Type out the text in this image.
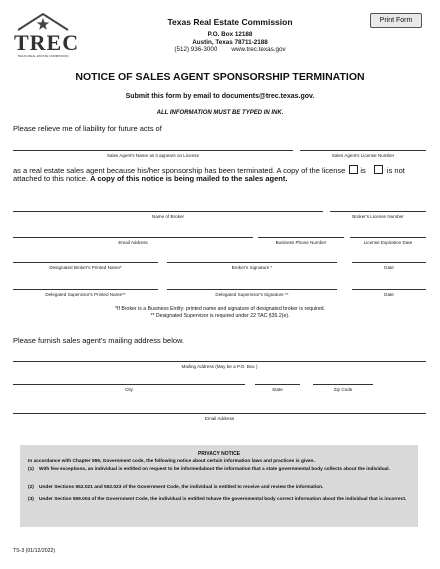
Print Form
TREC
TEXAS REAL ESTATE COMMISSION
Texas Real Estate Commission
P.O. Box 12188
Austin, Texas 78711-2188
(512) 936-3000        www.trec.texas.gov
NOTICE OF SALES AGENT SPONSORSHIP TERMINATION
Submit this form by email to documents@trec.texas.gov.
ALL INFORMATION MUST BE TYPED IN INK.
Please relieve me of liability for future acts of
Sales Agent's Name as it appears on License	Sales Agent's License Number
as a real estate sales agent because his/her sponsorship has been terminated. A copy of the license is	is not
attached to this notice. A copy of this notice is being mailed to the sales agent.
Name of Broker	Broker's License Number
Email Address	Business Phone Number	License Expiration Date
Designated Broker's Printed Name*	Broker's Signature *	Date
Delegated Supervisor's Printed Name**	Delegated Supervisor's Signature **	Date
*If Broker is a Business Entity: printed name and signature of designated broker is required.
** Designated Supervisor is required under 22 TAC §35.2(e).
Please furnish sales agent's mailing address below.
Mailing Address (May be a P.O. Box )
City	State	Zip Code
Email Address
PRIVACY NOTICE
In accordance with Chapter 559, Government code, the following notice about certain information laws and practices is given.
(1) With few exceptions, an individual is entitled on request to be informedabout the information that a state governmental body collects about the individual.
(2) Under Sections 552.021 and 552.023 of the Government Code, the individual is entitled to receive and review the information.
(3) Under Section 559.004 of the Government Code, the individual is entitled tohave the governmental body correct information about the individual that is incorrect.
TS-3 (01/12/2022)
